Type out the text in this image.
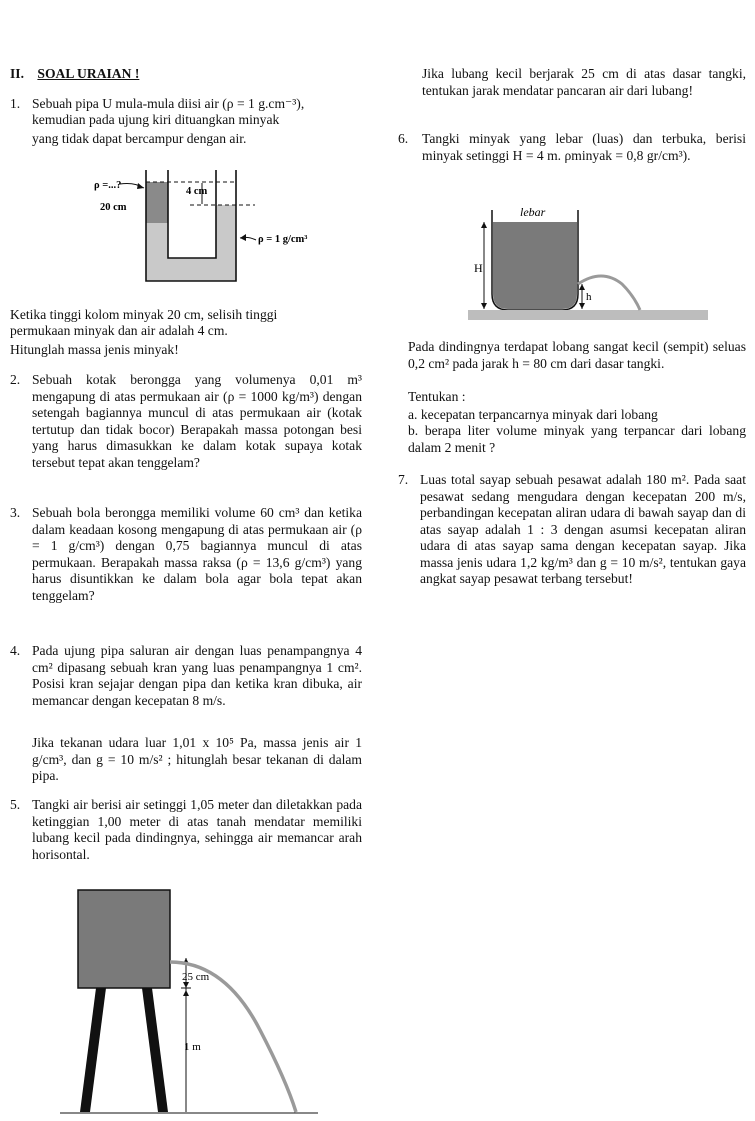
II. SOAL URAIAN !
1. Sebuah pipa U mula-mula diisi air (ρ = 1 g.cm⁻³),
kemudian pada ujung kiri dituangkan minyak
yang tidak dapat bercampur dengan air.
ρ =...?
20 cm
4 cm
ρ = 1 g/cm³
Ketika tinggi kolom minyak 20 cm, selisih tinggi
permukaan minyak dan air adalah 4 cm.
Hitunglah massa jenis minyak!
2. Sebuah kotak berongga yang volumenya 0,01 m³ mengapung di atas permukaan air (ρ = 1000 kg/m³) dengan setengah bagiannya muncul di atas permukaan air (kotak tertutup dan tidak bocor) Berapakah massa potongan besi yang harus dimasukkan ke dalam kotak supaya kotak tersebut tepat akan tenggelam?
3. Sebuah bola berongga memiliki volume 60 cm³ dan ketika dalam keadaan kosong mengapung di atas permukaan air (ρ = 1 g/cm³) dengan 0,75 bagiannya muncul di atas permukaan. Berapakah massa raksa (ρ = 13,6 g/cm³) yang harus disuntikkan ke dalam bola agar bola tepat akan tenggelam?
4. Pada ujung pipa saluran air dengan luas penampangnya 4 cm² dipasang sebuah kran yang luas penampangnya 1 cm². Posisi kran sejajar dengan pipa dan ketika kran dibuka, air memancar dengan kecepatan 8 m/s.
Jika tekanan udara luar 1,01 x 10⁵ Pa, massa jenis air 1 g/cm³, dan g = 10 m/s² ; hitunglah besar tekanan di dalam pipa.
5. Tangki air berisi air setinggi 1,05 meter dan diletakkan pada ketinggian 1,00 meter di atas tanah mendatar memiliki lubang kecil pada dindingnya, sehingga air memancar arah horisontal.
25 cm
1 m
Jika lubang kecil berjarak 25 cm di atas dasar tangki, tentukan jarak mendatar pancaran air dari lubang!
6. Tangki minyak yang lebar (luas) dan terbuka, berisi minyak setinggi H = 4 m. ρminyak = 0,8 gr/cm³).
lebar
H
h
Pada dindingnya terdapat lobang sangat kecil (sempit) seluas 0,2 cm² pada jarak h = 80 cm dari dasar tangki.
Tentukan :
a. kecepatan terpancarnya minyak dari lobang
b. berapa liter volume minyak yang terpancar dari lobang dalam 2 menit ?
7. Luas total sayap sebuah pesawat adalah 180 m². Pada saat pesawat sedang mengudara dengan kecepatan 200 m/s, perbandingan kecepatan aliran udara di bawah sayap dan di atas sayap adalah 1 : 3 dengan asumsi kecepatan aliran udara di atas sayap sama dengan kecepatan sayap. Jika massa jenis udara 1,2 kg/m³ dan g = 10 m/s², tentukan gaya angkat sayap pesawat terbang tersebut!
